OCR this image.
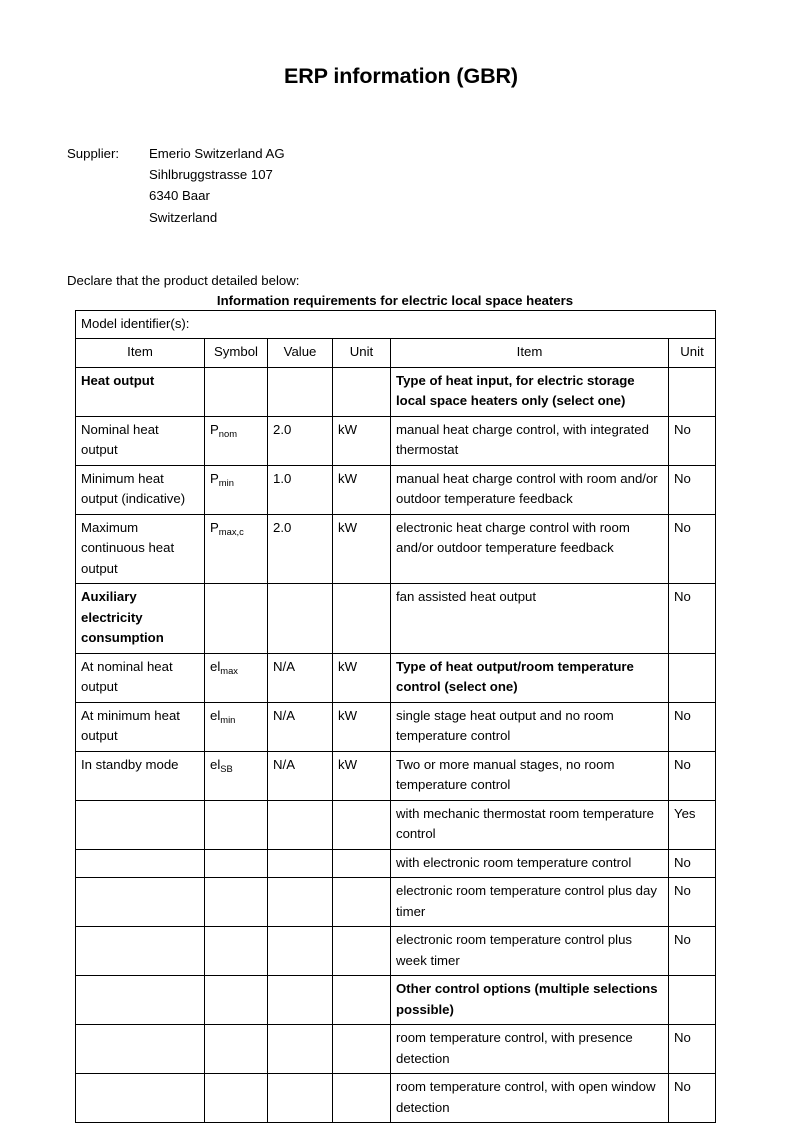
ERP information (GBR)
Supplier:	Emerio Switzerland AG
Sihlbruggstrasse 107
6340 Baar
Switzerland
Declare that the product detailed below:
Information requirements for electric local space heaters
Model identifier(s):					
Item	Symbol	Value	Unit	Item	Unit
Heat output				Type of heat input, for electric storage local space heaters only (select one)	
Nominal heat output	$P_{nom}$	2.0	kW	manual heat charge control, with integrated thermostat	No
Minimum heat output (indicative)	$P_{min}$	1.0	kW	manual heat charge control with room and/or outdoor temperature feedback	No
Maximum continuous heat output	$P_{max,c}$	2.0	kW	electronic heat charge control with room and/or outdoor temperature feedback	No
Auxiliary electricity consumption				fan assisted heat output	No
At nominal heat output	$el_{max}$	N/A	kW	Type of heat output/room temperature control (select one)	
At minimum heat output	$el_{min}$	N/A	kW	single stage heat output and no room temperature control	No
In standby mode	$el_{SB}$	N/A	kW	Two or more manual stages, no room temperature control	No
				with mechanic thermostat room temperature control	Yes
				with electronic room temperature control	No
				electronic room temperature control plus day timer	No
				electronic room temperature control plus week timer	No
				Other control options (multiple selections possible)	
				room temperature control, with presence detection	No
				room temperature control, with open window detection	No
